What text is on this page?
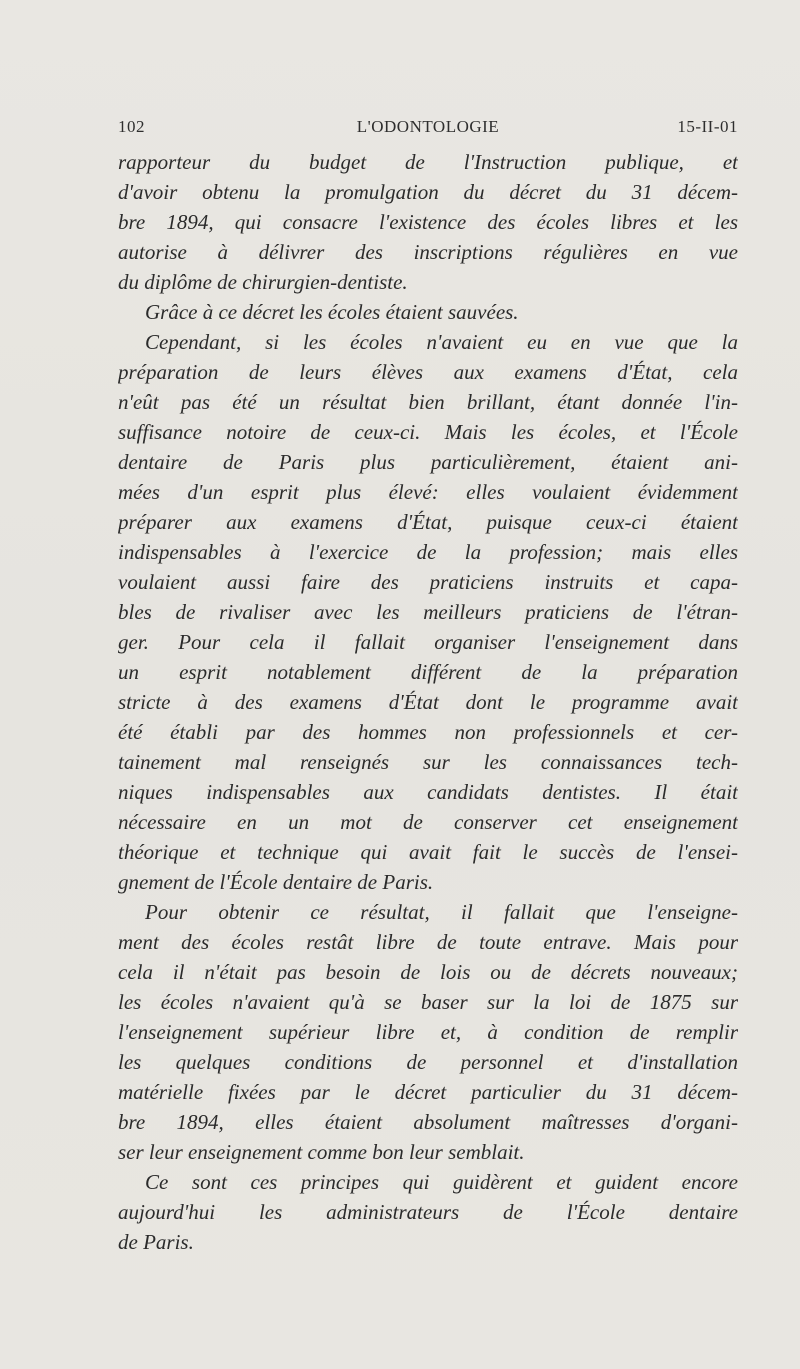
102	L'ODONTOLOGIE	15-II-01
rapporteur du budget de l'Instruction publique, et
d'avoir obtenu la promulgation du décret du 31 décem-
bre 1894, qui consacre l'existence des écoles libres et les
autorise à délivrer des inscriptions régulières en vue
du diplôme de chirurgien-dentiste.
Grâce à ce décret les écoles étaient sauvées.
Cependant, si les écoles n'avaient eu en vue que la
préparation de leurs élèves aux examens d'État, cela
n'eût pas été un résultat bien brillant, étant donnée l'in-
suffisance notoire de ceux-ci. Mais les écoles, et l'École
dentaire de Paris plus particulièrement, étaient ani-
mées d'un esprit plus élevé: elles voulaient évidemment
préparer aux examens d'État, puisque ceux-ci étaient
indispensables à l'exercice de la profession; mais elles
voulaient aussi faire des praticiens instruits et capa-
bles de rivaliser avec les meilleurs praticiens de l'étran-
ger. Pour cela il fallait organiser l'enseignement dans
un esprit notablement différent de la préparation
stricte à des examens d'État dont le programme avait
été établi par des hommes non professionnels et cer-
tainement mal renseignés sur les connaissances tech-
niques indispensables aux candidats dentistes. Il était
nécessaire en un mot de conserver cet enseignement
théorique et technique qui avait fait le succès de l'ensei-
gnement de l'École dentaire de Paris.
Pour obtenir ce résultat, il fallait que l'enseigne-
ment des écoles restât libre de toute entrave. Mais pour
cela il n'était pas besoin de lois ou de décrets nouveaux;
les écoles n'avaient qu'à se baser sur la loi de 1875 sur
l'enseignement supérieur libre et, à condition de remplir
les quelques conditions de personnel et d'installation
matérielle fixées par le décret particulier du 31 décem-
bre 1894, elles étaient absolument maîtresses d'organi-
ser leur enseignement comme bon leur semblait.
Ce sont ces principes qui guidèrent et guident encore
aujourd'hui les administrateurs de l'École dentaire
de Paris.
